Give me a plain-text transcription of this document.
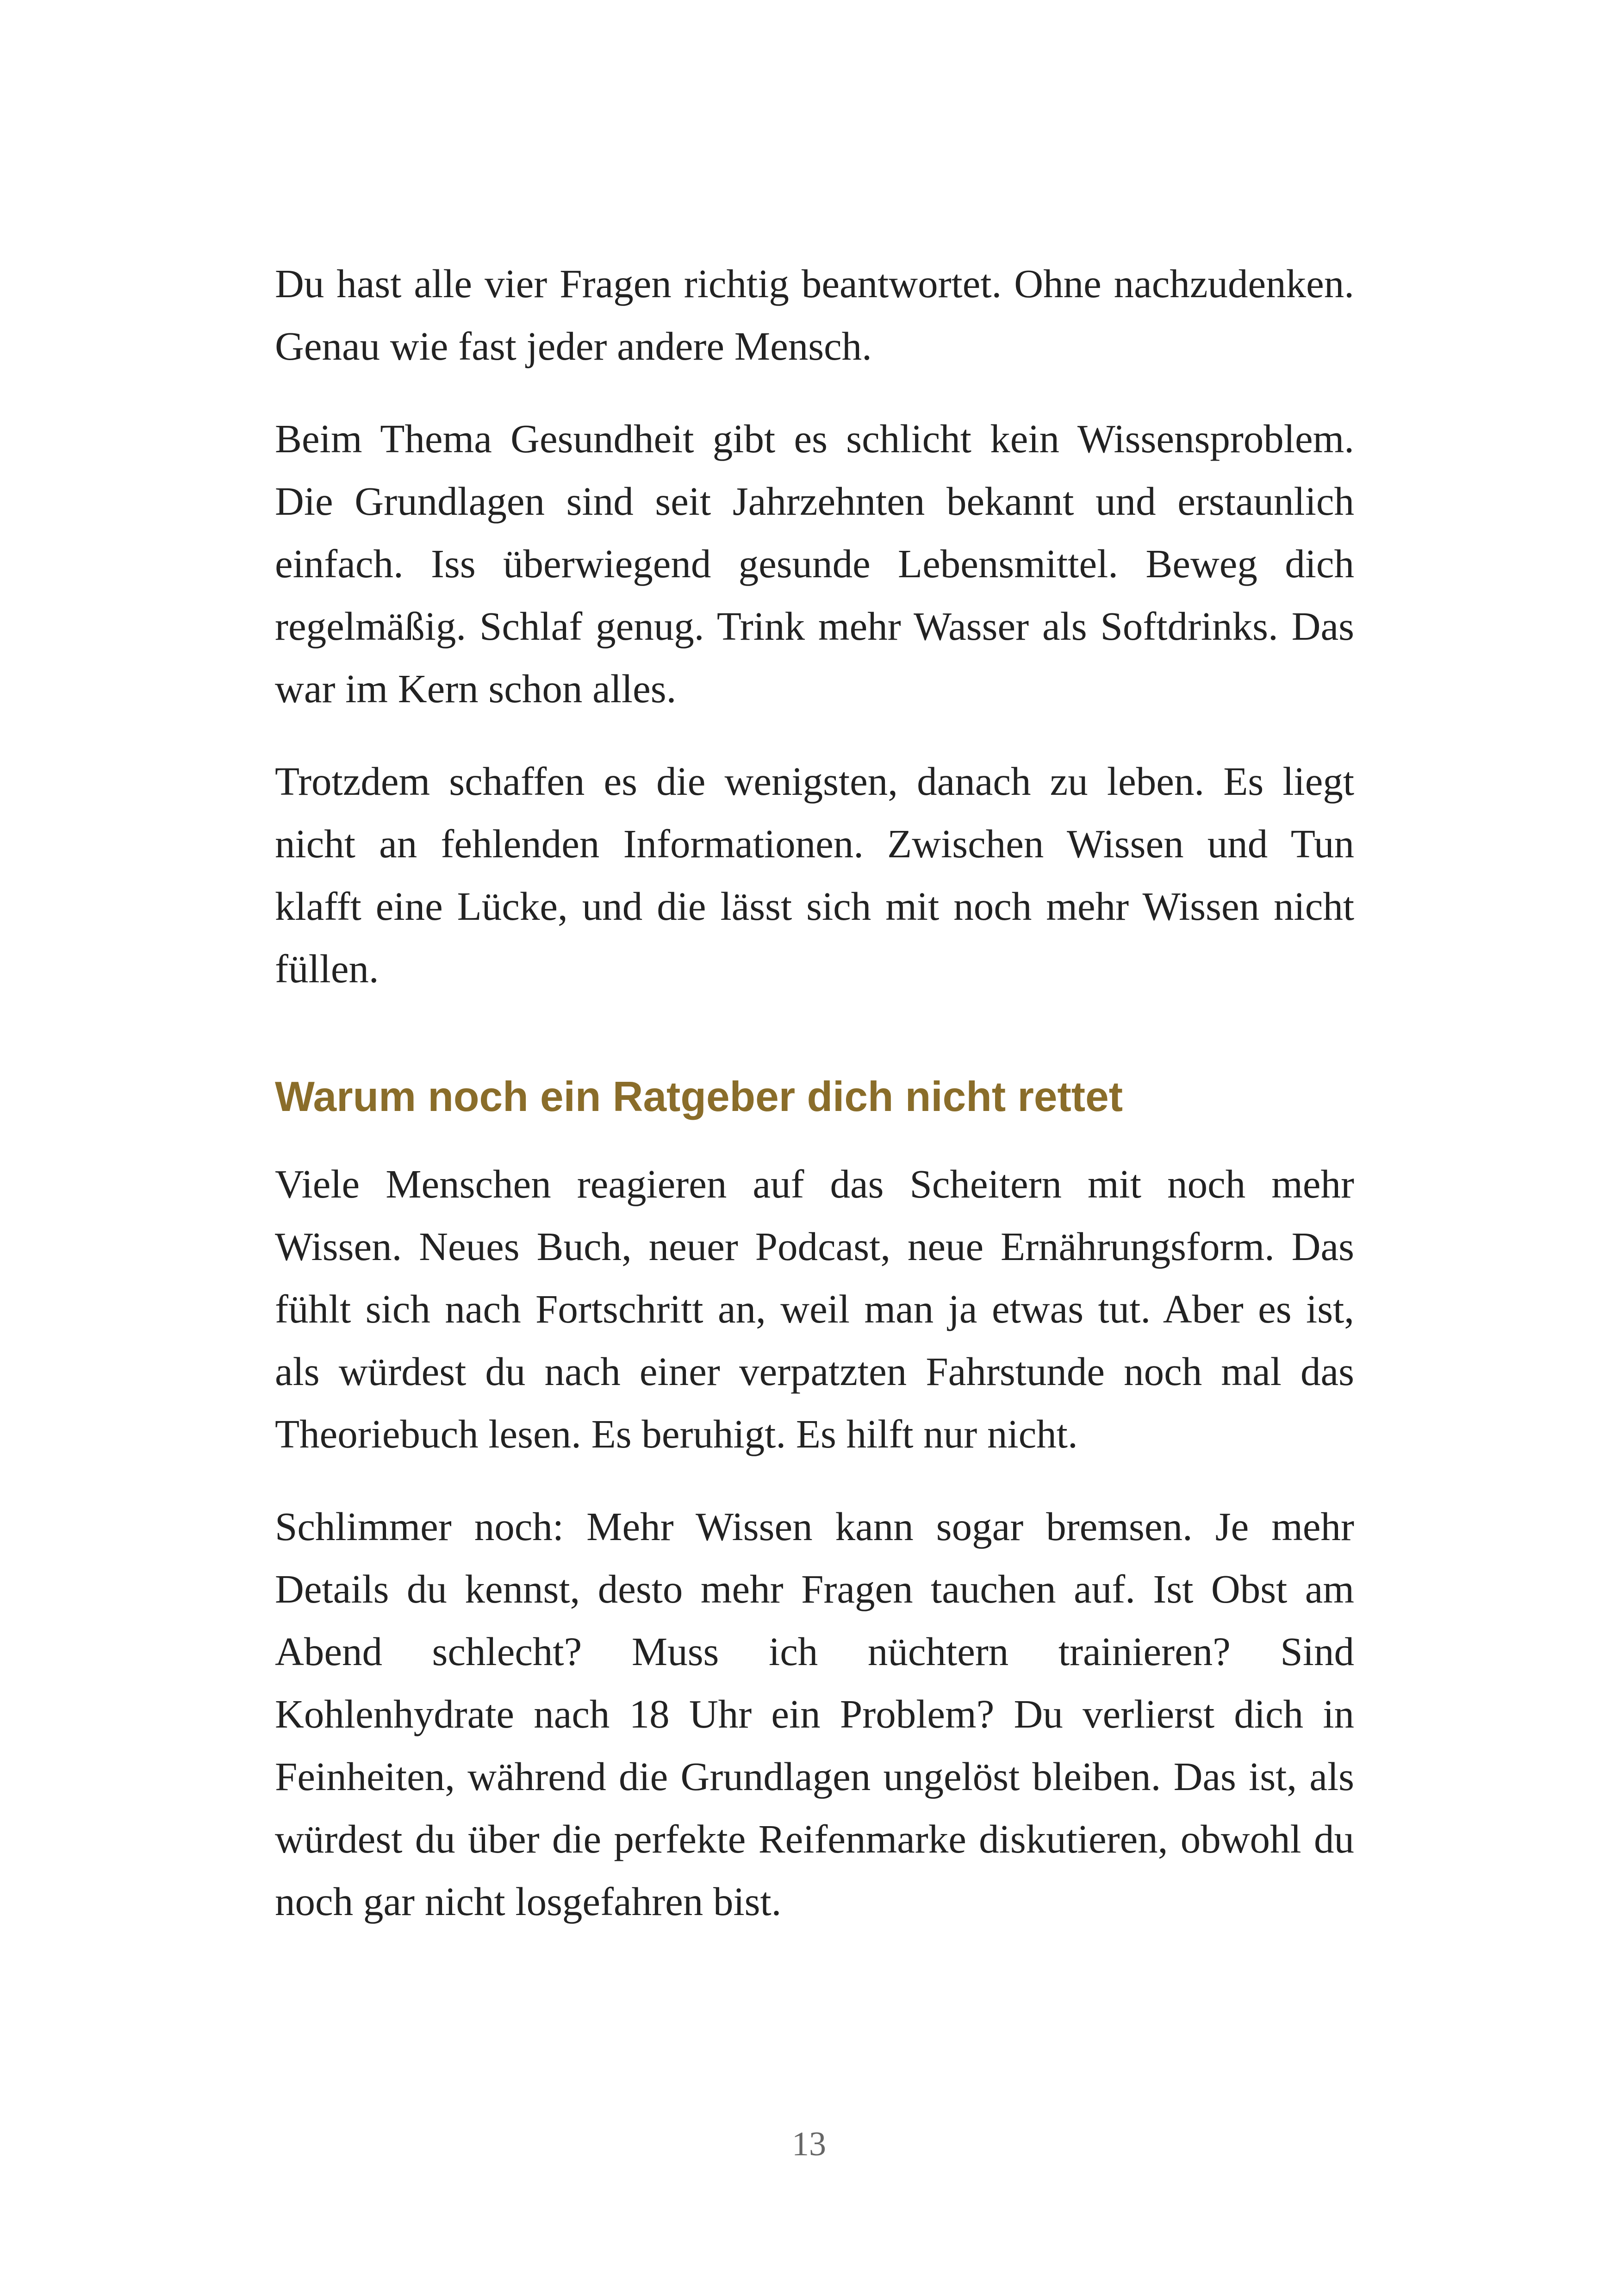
Du hast alle vier Fragen richtig beantwortet. Ohne nachzudenken. Genau wie fast jeder andere Mensch.

Beim Thema Gesundheit gibt es schlicht kein Wissensproblem. Die Grundlagen sind seit Jahrzehnten bekannt und erstaunlich einfach. Iss überwiegend gesunde Lebensmittel. Beweg dich regelmäßig. Schlaf genug. Trink mehr Wasser als Softdrinks. Das war im Kern schon alles.

Trotzdem schaffen es die wenigsten, danach zu leben. Es liegt nicht an fehlenden Informationen. Zwischen Wissen und Tun klafft eine Lücke, und die lässt sich mit noch mehr Wissen nicht füllen.

Warum noch ein Ratgeber dich nicht rettet

Viele Menschen reagieren auf das Scheitern mit noch mehr Wissen. Neues Buch, neuer Podcast, neue Ernährungsform. Das fühlt sich nach Fortschritt an, weil man ja etwas tut. Aber es ist, als würdest du nach einer verpatzten Fahrstunde noch mal das Theoriebuch lesen. Es beruhigt. Es hilft nur nicht.

Schlimmer noch: Mehr Wissen kann sogar bremsen. Je mehr Details du kennst, desto mehr Fragen tauchen auf. Ist Obst am Abend schlecht? Muss ich nüchtern trainieren? Sind Kohlenhydrate nach 18 Uhr ein Problem? Du verlierst dich in Feinheiten, während die Grundlagen ungelöst bleiben. Das ist, als würdest du über die perfekte Reifenmarke diskutieren, obwohl du noch gar nicht losgefahren bist.

13
